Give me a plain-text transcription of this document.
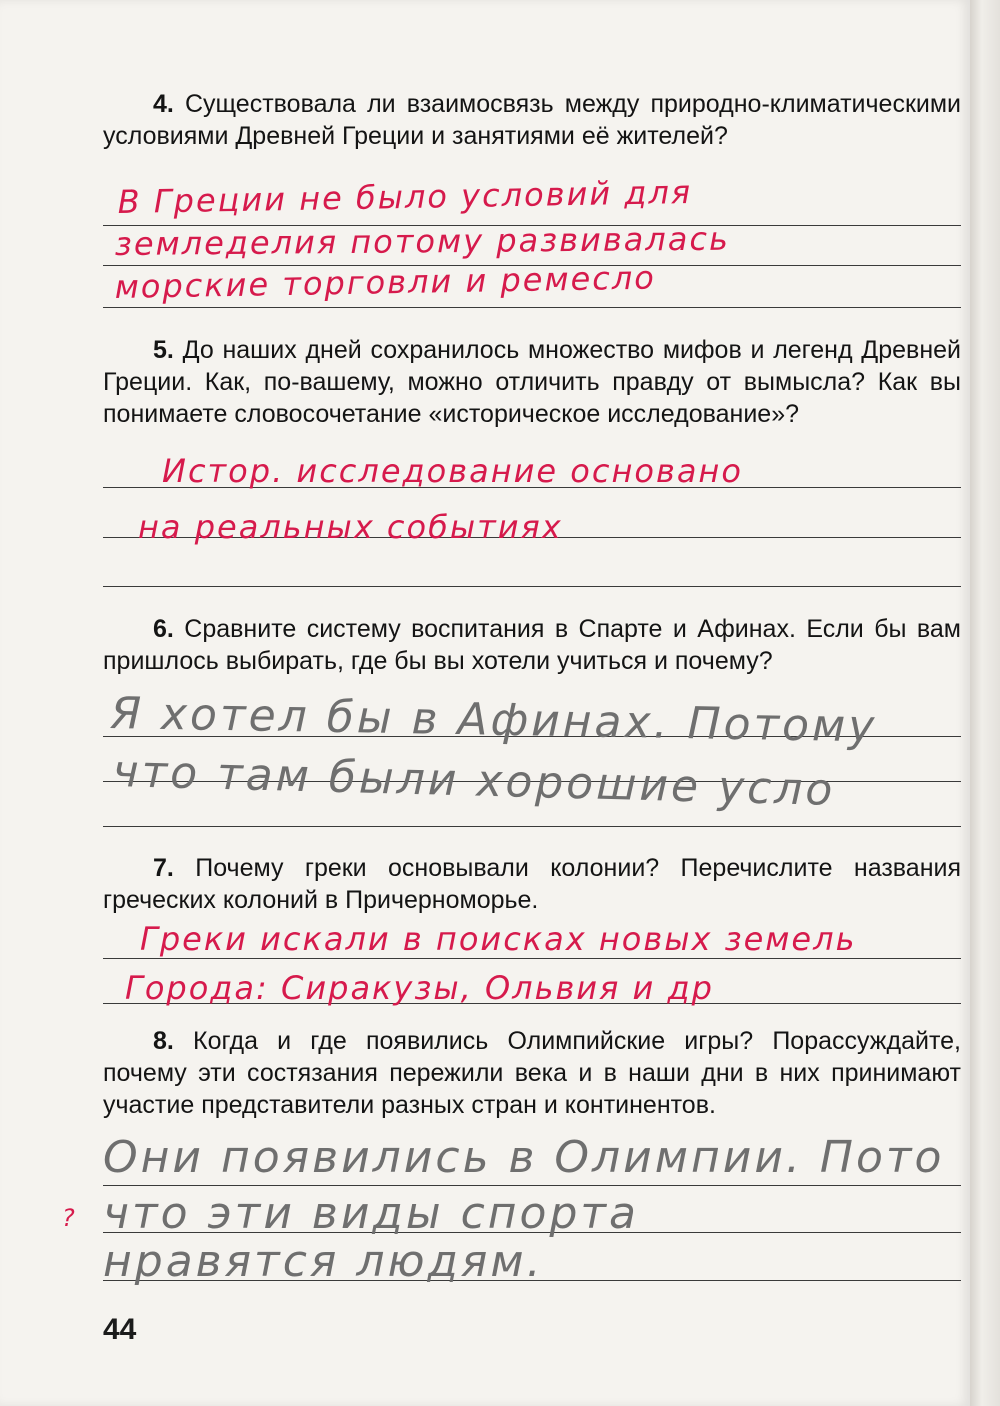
4. Существовала ли взаимосвязь между природно-климатическими условиями Древней Греции и занятиями её жителей?

В Греции не было условий для
земледелия потому развивалась
морские торговли и ремесло

5. До наших дней сохранилось множество мифов и легенд Древней Греции. Как, по-вашему, можно отличить правду от вымысла? Как вы понимаете словосочетание «историческое исследование»?

Истор. исследование основано
на реальных событиях

6. Сравните систему воспитания в Спарте и Афинах. Если бы вам пришлось выбирать, где бы вы хотели учиться и почему?

Я хотел бы в Афинах. Потому
что там были хорошие усло

7. Почему греки основывали колонии? Перечислите названия греческих колоний в Причерноморье.

Греки искали в поисках новых земель
Города: Сиракузы, Ольвия и др

8. Когда и где появились Олимпийские игры? Порассуждайте, почему эти состязания пережили века и в наши дни в них принимают участие представители разных стран и континентов.

Они появились в Олимпии. Пото
что эти виды спорта
нравятся людям.
?
44
